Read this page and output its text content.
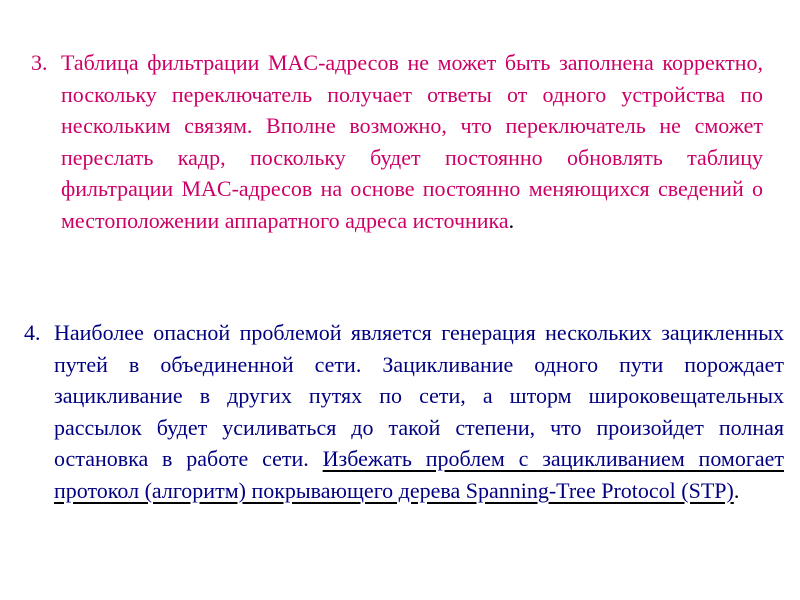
3. Таблица фильтрации MAC-адресов не может быть заполнена корректно, поскольку переключатель получает ответы от одного устройства по нескольким связям. Вполне возможно, что переключатель не сможет переслать кадр, поскольку будет постоянно обновлять таблицу фильтрации MAC-адресов на основе постоянно меняющихся сведений о местоположении аппаратного адреса источника.
4. Наиболее опасной проблемой является генерация нескольких зацикленных путей в объединенной сети. Зацикливание одного пути порождает зацикливание в других путях по сети, а шторм широковещательных рассылок будет усиливаться до такой степени, что произойдет полная остановка в работе сети. Избежать проблем с зацикливанием помогает протокол (алгоритм) покрывающего дерева Spanning-Tree Protocol (STP).
